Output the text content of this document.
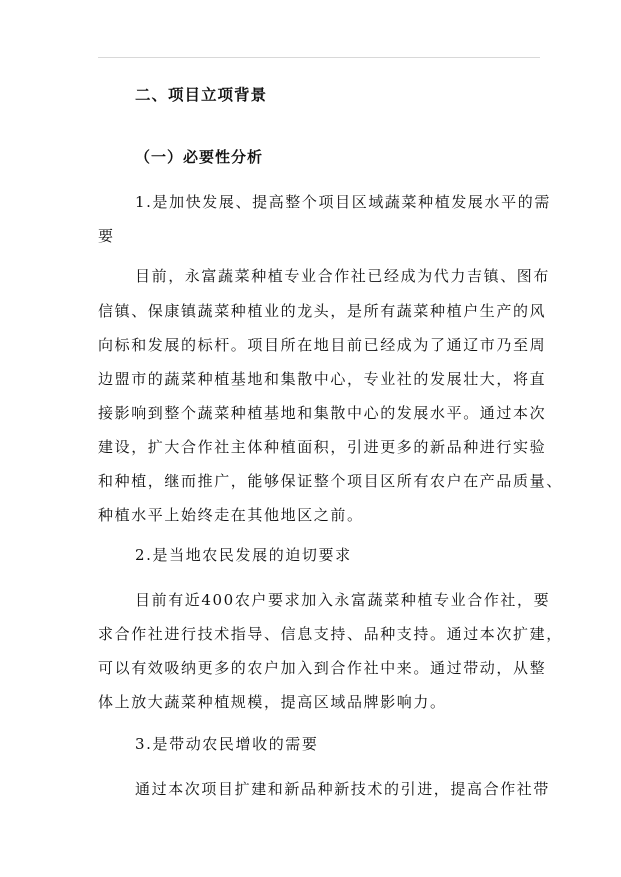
二、项目立项背景
（一）必要性分析
1.是加快发展、提高整个项目区域蔬菜种植发展水平的需
要
目前，永富蔬菜种植专业合作社已经成为代力吉镇、图布
信镇、保康镇蔬菜种植业的龙头，是所有蔬菜种植户生产的风
向标和发展的标杆。项目所在地目前已经成为了通辽市乃至周
边盟市的蔬菜种植基地和集散中心，专业社的发展壮大，将直
接影响到整个蔬菜种植基地和集散中心的发展水平。通过本次
建设，扩大合作社主体种植面积，引进更多的新品种进行实验
和种植，继而推广，能够保证整个项目区所有农户在产品质量、
种植水平上始终走在其他地区之前。
2.是当地农民发展的迫切要求
目前有近400农户要求加入永富蔬菜种植专业合作社，要
求合作社进行技术指导、信息支持、品种支持。通过本次扩建，
可以有效吸纳更多的农户加入到合作社中来。通过带动，从整
体上放大蔬菜种植规模，提高区域品牌影响力。
3.是带动农民增收的需要
通过本次项目扩建和新品种新技术的引进，提高合作社带
